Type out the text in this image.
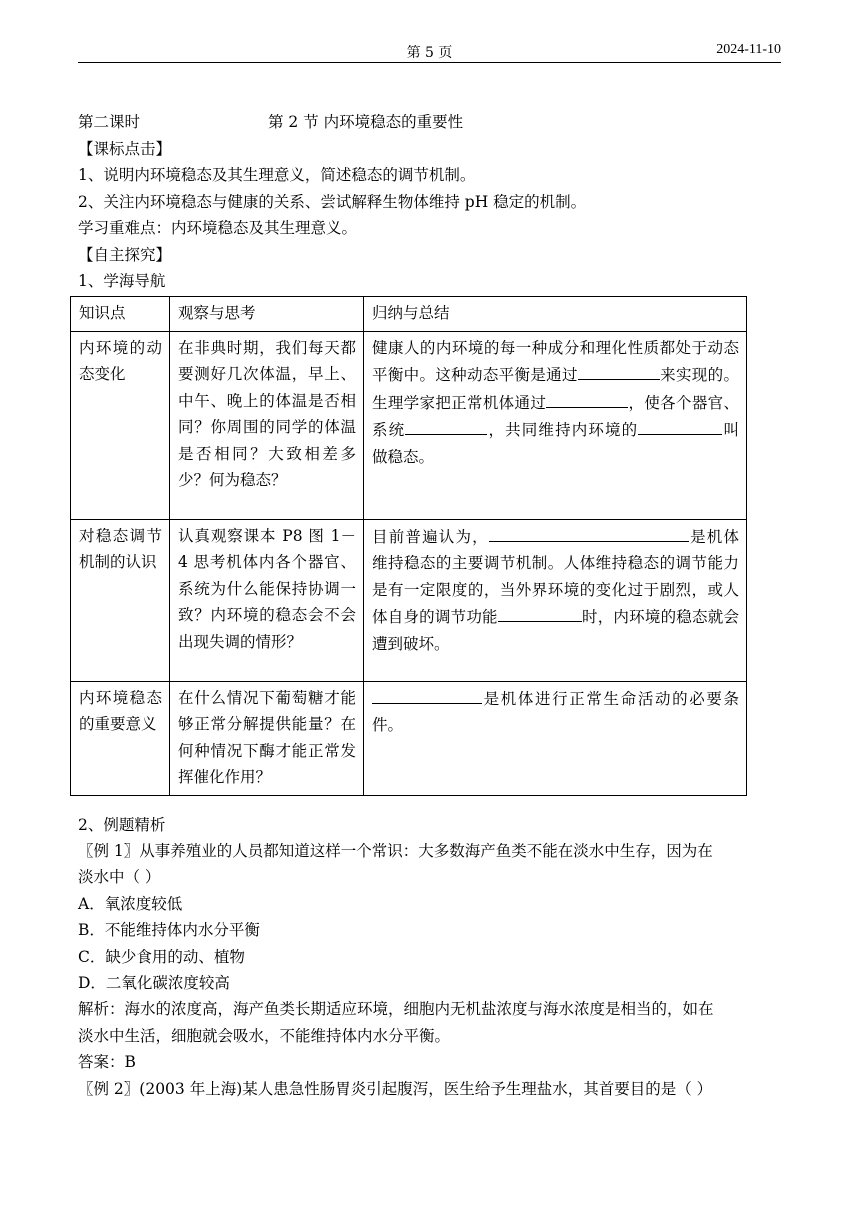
第 5 页	2024-11-10
第二课时	第 2 节 内环境稳态的重要性
【课标点击】
1、说明内环境稳态及其生理意义，简述稳态的调节机制。
2、关注内环境稳态与健康的关系、尝试解释生物体维持 pH 稳定的机制。
学习重难点：内环境稳态及其生理意义。
【自主探究】
1、学海导航
知识点	观察与思考	归纳与总结
内环境的动态变化	在非典时期，我们每天都要测好几次体温，早上、中午、晚上的体温是否相同？你周围的同学的体温是否相同？大致相差多少？何为稳态？	健康人的内环境的每一种成分和理化性质都处于动态平衡中。这种动态平衡是通过 来实现的。生理学家把正常机体通过 ，使各个器官、系统 ，共同维持内环境的 叫做稳态。
对稳态调节机制的认识	认真观察课本 P8 图 1－4 思考机体内各个器官、系统为什么能保持协调一致？内环境的稳态会不会出现失调的情形？	目前普遍认为， 是机体维持稳态的主要调节机制。人体维持稳态的调节能力是有一定限度的，当外界环境的变化过于剧烈，或人体自身的调节功能 时，内环境的稳态就会遭到破坏。
内环境稳态的重要意义	在什么情况下葡萄糖才能够正常分解提供能量？在何种情况下酶才能正常发挥催化作用？	是机体进行正常生命活动的必要条件。
2、例题精析
〖例 1〗从事养殖业的人员都知道这样一个常识：大多数海产鱼类不能在淡水中生存，因为在
淡水中（ ）
A．氧浓度较低
B．不能维持体内水分平衡
C．缺少食用的动、植物
D．二氧化碳浓度较高
解析：海水的浓度高，海产鱼类长期适应环境，细胞内无机盐浓度与海水浓度是相当的，如在
淡水中生活，细胞就会吸水，不能维持体内水分平衡。
答案：B
〖例 2〗(2003 年上海)某人患急性肠胃炎引起腹泻，医生给予生理盐水，其首要目的是（ ）
